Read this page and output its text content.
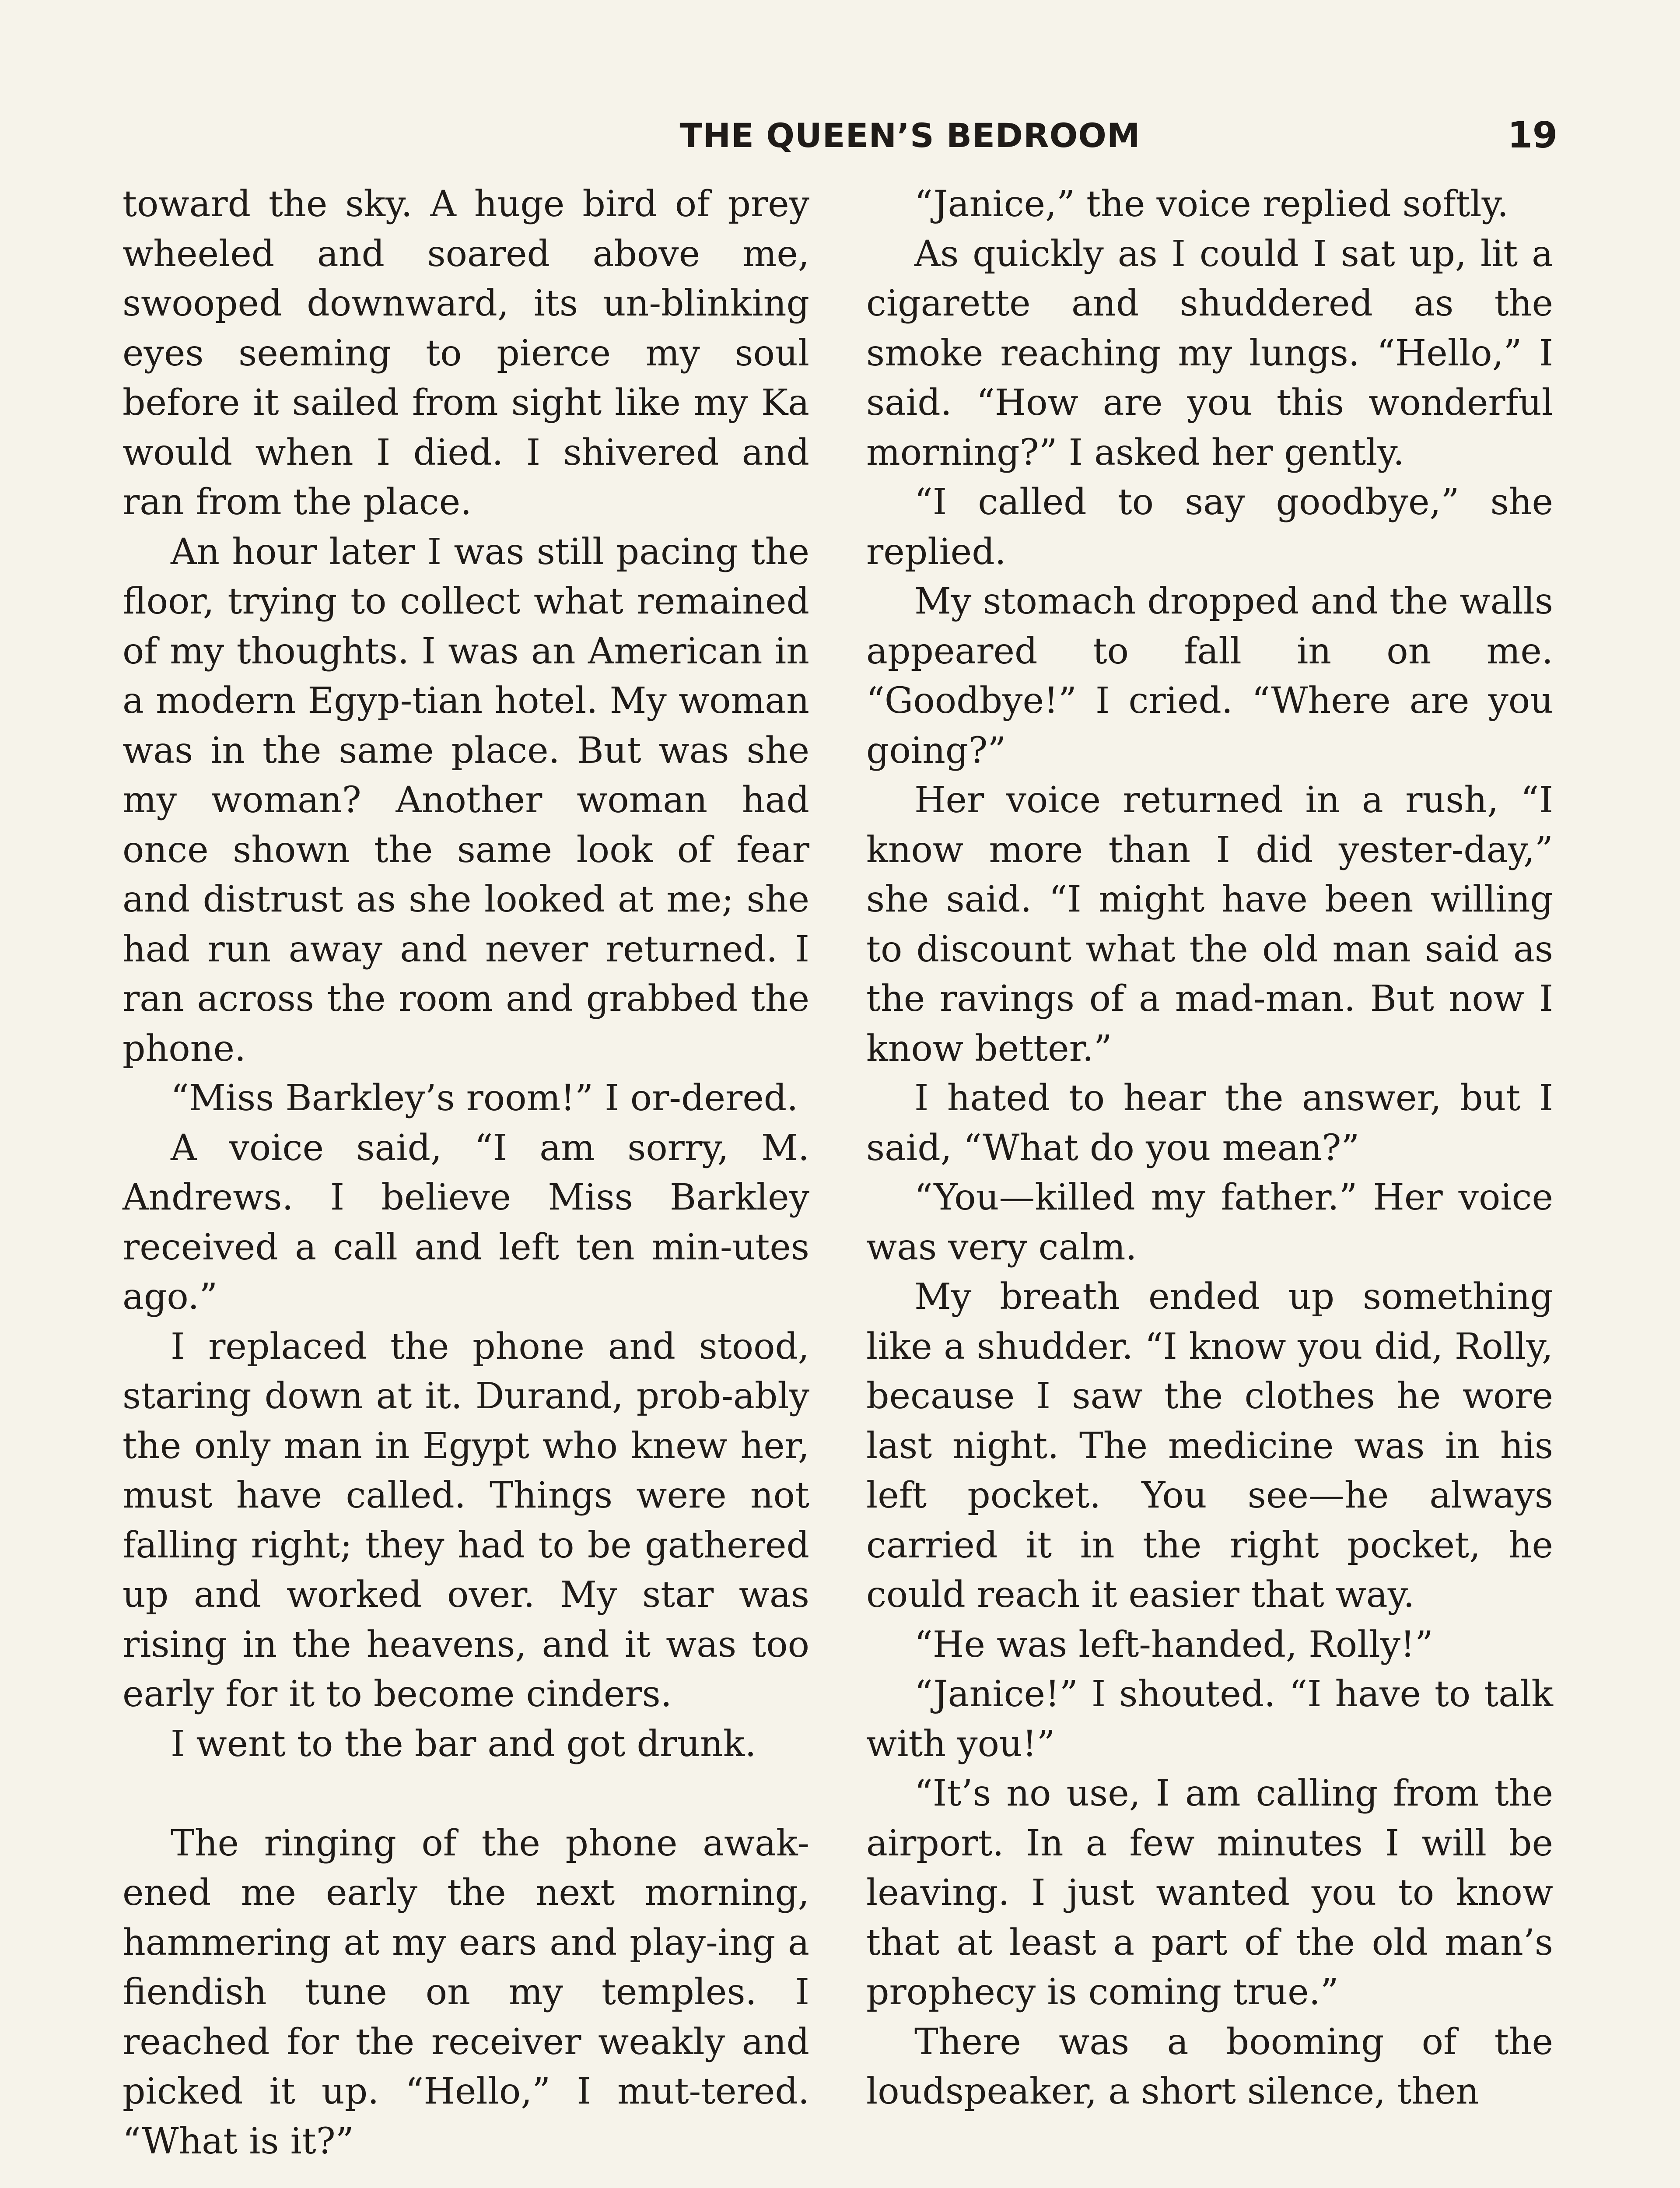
THE QUEEN’S BEDROOM	19

toward the sky. A huge bird of prey wheeled and soared above me, swooped downward, its un-blinking eyes seeming to pierce my soul before it sailed from sight like my Ka would when I died. I shivered and ran from the place.

An hour later I was still pacing the floor, trying to collect what remained of my thoughts. I was an American in a modern Egyp-tian hotel. My woman was in the same place. But was she my woman? Another woman had once shown the same look of fear and distrust as she looked at me; she had run away and never returned. I ran across the room and grabbed the phone.

“Miss Barkley’s room!” I or-dered.

A voice said, “I am sorry, M. Andrews. I believe Miss Barkley received a call and left ten min-utes ago.”

I replaced the phone and stood, staring down at it. Durand, prob-ably the only man in Egypt who knew her, must have called. Things were not falling right; they had to be gathered up and worked over. My star was rising in the heavens, and it was too early for it to become cinders.

I went to the bar and got drunk.

The ringing of the phone awak-ened me early the next morning, hammering at my ears and play-ing a fiendish tune on my temples. I reached for the receiver weakly and picked it up. “Hello,” I mut-tered. “What is it?”

“Janice,” the voice replied softly.

As quickly as I could I sat up, lit a cigarette and shuddered as the smoke reaching my lungs. “Hello,” I said. “How are you this wonderful morning?” I asked her gently.

“I called to say goodbye,” she replied.

My stomach dropped and the walls appeared to fall in on me. “Goodbye!” I cried. “Where are you going?”

Her voice returned in a rush, “I know more than I did yester-day,” she said. “I might have been willing to discount what the old man said as the ravings of a mad-man. But now I know better.”

I hated to hear the answer, but I said, “What do you mean?”

“You—killed my father.” Her voice was very calm.

My breath ended up something like a shudder. “I know you did, Rolly, because I saw the clothes he wore last night. The medicine was in his left pocket. You see—he always carried it in the right pocket, he could reach it easier that way.

“He was left-handed, Rolly!”

“Janice!” I shouted. “I have to talk with you!”

“It’s no use, I am calling from the airport. In a few minutes I will be leaving. I just wanted you to know that at least a part of the old man’s prophecy is coming true.”

There was a booming of the loudspeaker, a short silence, then
